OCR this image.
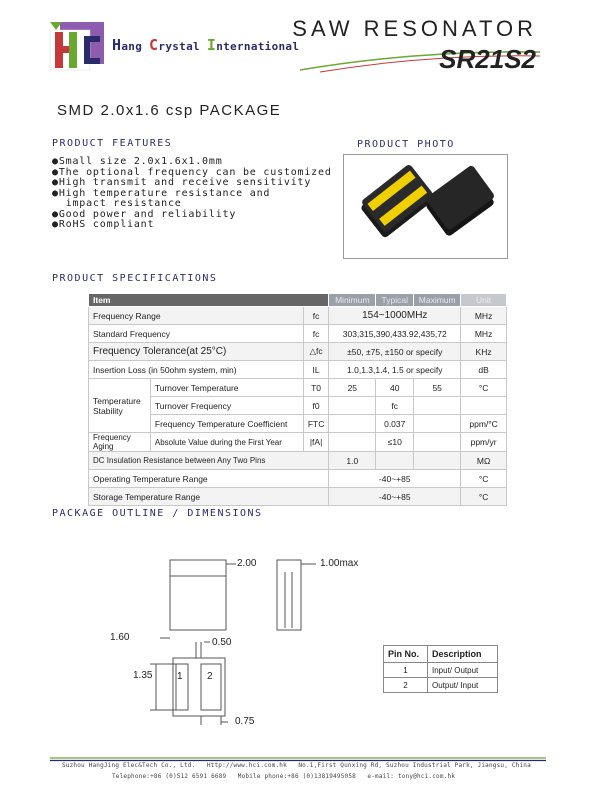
Hang Crystal International
SAW RESONATOR
SR21S2
SMD 2.0x1.6 csp PACKAGE
PRODUCT FEATURES
●Small size 2.0x1.6x1.0mm
●The optional frequency can be customized
●High transmit and receive sensitivity
●High temperature resistance and
impact resistance
●Good power and reliability
●RoHS compliant
PRODUCT PHOTO
PRODUCT SPECIFICATIONS
Item			Minimum	Typical	Maximum	Unit
Frequency Range		fc	154~1000MHz			MHz
Standard Frequency		fc	303,315,390,433.92,435,72			MHz
Frequency Tolerance(at 25°C)		△fc	±50, ±75, ±150 or specify			KHz
Insertion Loss (in 50ohm system, min)		IL	1.0,1.3,1.4, 1.5 or specify			dB
Temperature Stability	Turnover Temperature	T0	25	40	55	°C
	Turnover Frequency	f0		fc		
	Frequency Temperature Coefficient	FTC		0.037		ppm/°C
Frequency Aging	Absolute Value during the First Year	|fA|		≤10		ppm/yr
DC Insulation Resistance between Any Two Pins			1.0			MΩ
Operating Temperature Range			-40~+85			°C
Storage Temperature Range			-40~+85			°C
PACKAGE OUTLINE / DIMENSIONS
2.00	1.00max
1.60	0.50
1.35 1 2
0.75
Pin No.	Description
1	Input/ Output
2	Output/ Input
Suzhou HangJing Elec&Tech Co., Ltd.   Http://www.hci.com.hk   No.1,First Qunxing Rd, Suzhou Industrial Park, Jiangsu, China
Telephone:+86 (0)512 6591 6689   Mobile phone:+86 (0)13819495058   e-mail: tony@hci.com.hk
